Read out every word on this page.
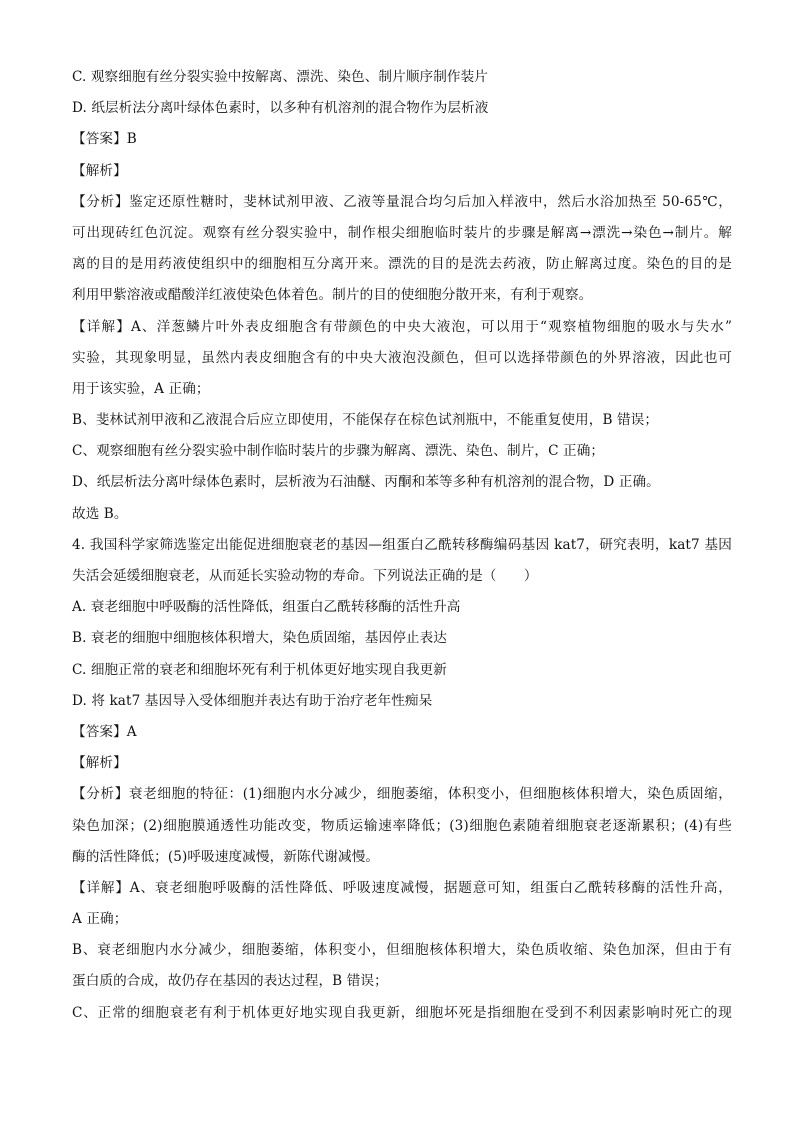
C. 观察细胞有丝分裂实验中按解离、漂洗、染色、制片顺序制作装片
D. 纸层析法分离叶绿体色素时，以多种有机溶剂的混合物作为层析液
【答案】B
【解析】
【分析】鉴定还原性糖时，斐林试剂甲液、乙液等量混合均匀后加入样液中，然后水浴加热至 50-65℃，
可出现砖红色沉淀。观察有丝分裂实验中，制作根尖细胞临时装片的步骤是解离→漂洗→染色→制片。解
离的目的是用药液使组织中的细胞相互分离开来。漂洗的目的是洗去药液，防止解离过度。染色的目的是
利用甲紫溶液或醋酸洋红液使染色体着色。制片的目的使细胞分散开来，有利于观察。
【详解】A、洋葱鳞片叶外表皮细胞含有带颜色的中央大液泡，可以用于“观察植物细胞的吸水与失水”
实验，其现象明显，虽然内表皮细胞含有的中央大液泡没颜色，但可以选择带颜色的外界溶液，因此也可
用于该实验，A 正确；
B、斐林试剂甲液和乙液混合后应立即使用，不能保存在棕色试剂瓶中，不能重复使用，B 错误；
C、观察细胞有丝分裂实验中制作临时装片的步骤为解离、漂洗、染色、制片，C 正确；
D、纸层析法分离叶绿体色素时，层析液为石油醚、丙酮和苯等多种有机溶剂的混合物，D 正确。
故选 B。
4. 我国科学家筛选鉴定出能促进细胞衰老的基因—组蛋白乙酰转移酶编码基因 kat7，研究表明，kat7 基因
失活会延缓细胞衰老，从而延长实验动物的寿命。下列说法正确的是（　　）
A. 衰老细胞中呼吸酶的活性降低，组蛋白乙酰转移酶的活性升高
B. 衰老的细胞中细胞核体积增大，染色质固缩，基因停止表达
C. 细胞正常的衰老和细胞坏死有利于机体更好地实现自我更新
D. 将 kat7 基因导入受体细胞并表达有助于治疗老年性痴呆
【答案】A
【解析】
【分析】衰老细胞的特征：(1)细胞内水分减少，细胞萎缩，体积变小，但细胞核体积增大，染色质固缩，
染色加深；(2)细胞膜通透性功能改变，物质运输速率降低；(3)细胞色素随着细胞衰老逐渐累积；(4)有些
酶的活性降低；(5)呼吸速度减慢，新陈代谢减慢。
【详解】A、衰老细胞呼吸酶的活性降低、呼吸速度减慢，据题意可知，组蛋白乙酰转移酶的活性升高，
A 正确；
B、衰老细胞内水分减少，细胞萎缩，体积变小，但细胞核体积增大，染色质收缩、染色加深，但由于有
蛋白质的合成，故仍存在基因的表达过程，B 错误；
C、正常的细胞衰老有利于机体更好地实现自我更新，细胞坏死是指细胞在受到不利因素影响时死亡的现
